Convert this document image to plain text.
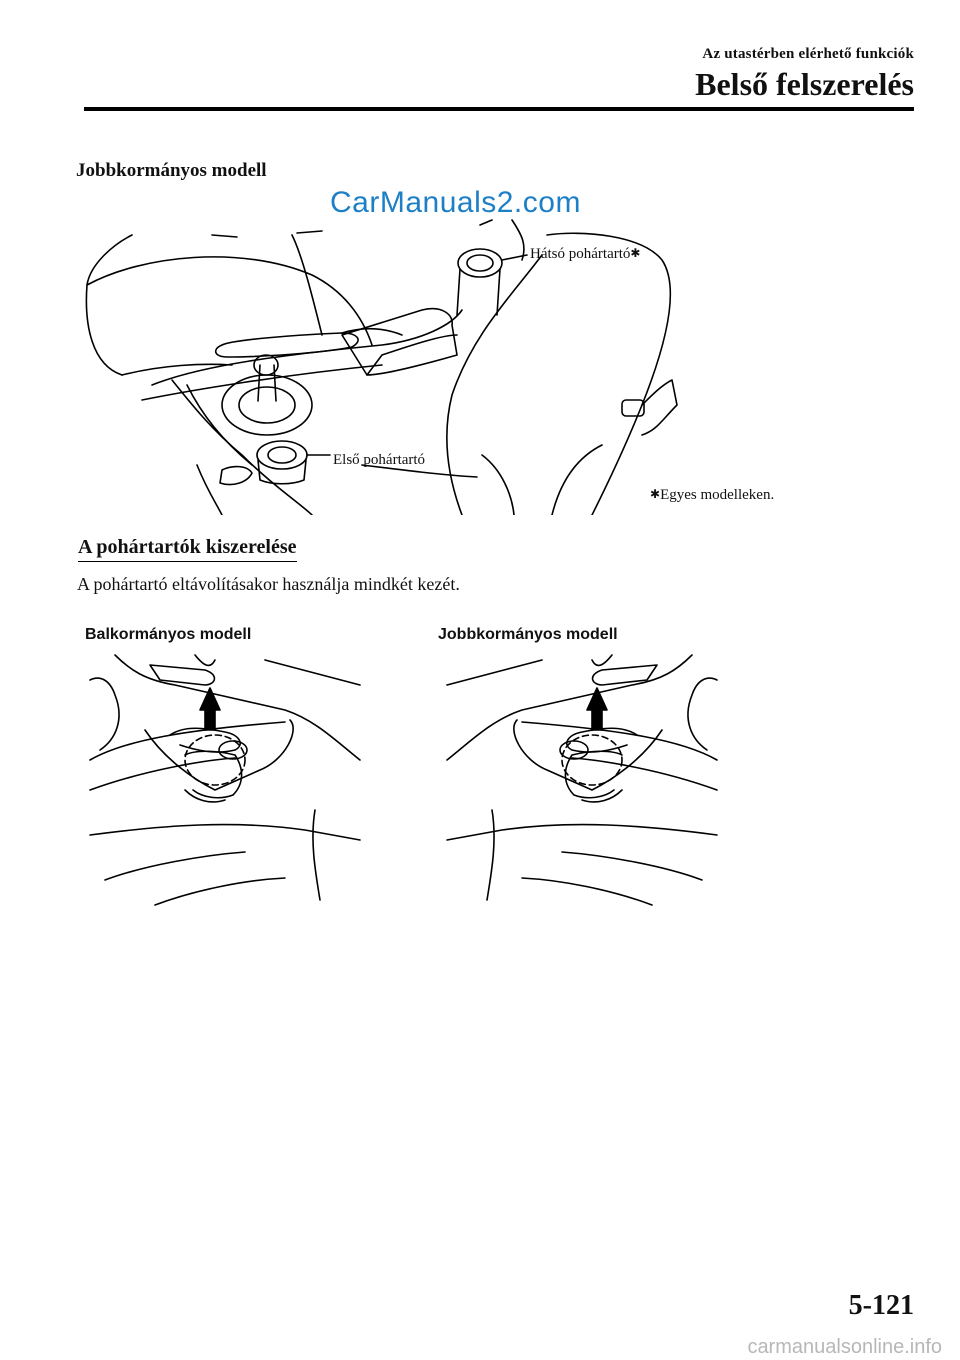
Az utastérben elérhető funkciók
Belső felszerelés
Jobbkormányos modell
CarManuals2.com
Hátsó pohártartó✱
Első pohártartó
✱Egyes modelleken.
A pohártartók kiszerelése
A pohártartó eltávolításakor használja mindkét kezét.
Balkormányos modell	Jobbkormányos modell
5-121
carmanualsonline.info
